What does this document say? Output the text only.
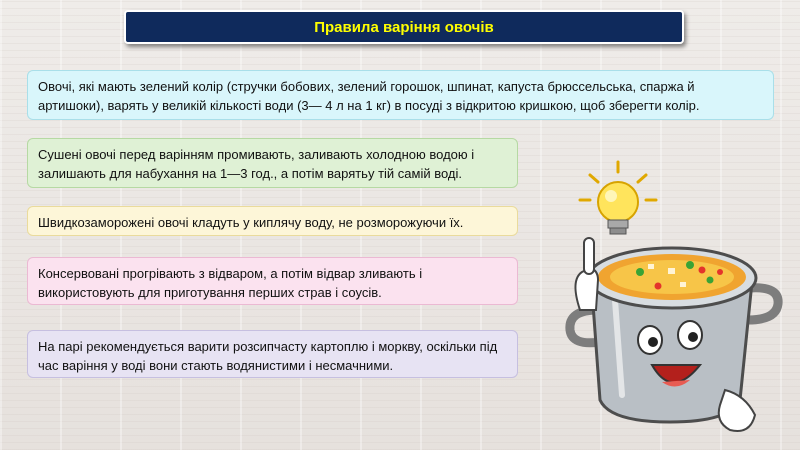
Правила варіння овочів
Овочі, які мають зелений колір (стручки бобових, зелений горошок, шпинат, капуста брюссельська, спаржа й артишоки), варять у великій кількості води (3— 4 л на 1 кг) в посуді з відкритою кришкою, щоб зберегти колір.
Сушені овочі перед варінням промивають, заливають холодною водою і залишають для набухання на 1—3 год., а потім варятьу тій самій воді.
Швидкозаморожені овочі кладуть у киплячу воду, не розморожуючи їх.
Консервовані прогрівають з відваром, а потім відвар зливають і використовують для приготування перших страв і соусів.
На парі рекомендується варити розсипчасту картоплю і моркву, оскільки під час варіння у воді вони стають водянистими і несмачними.
